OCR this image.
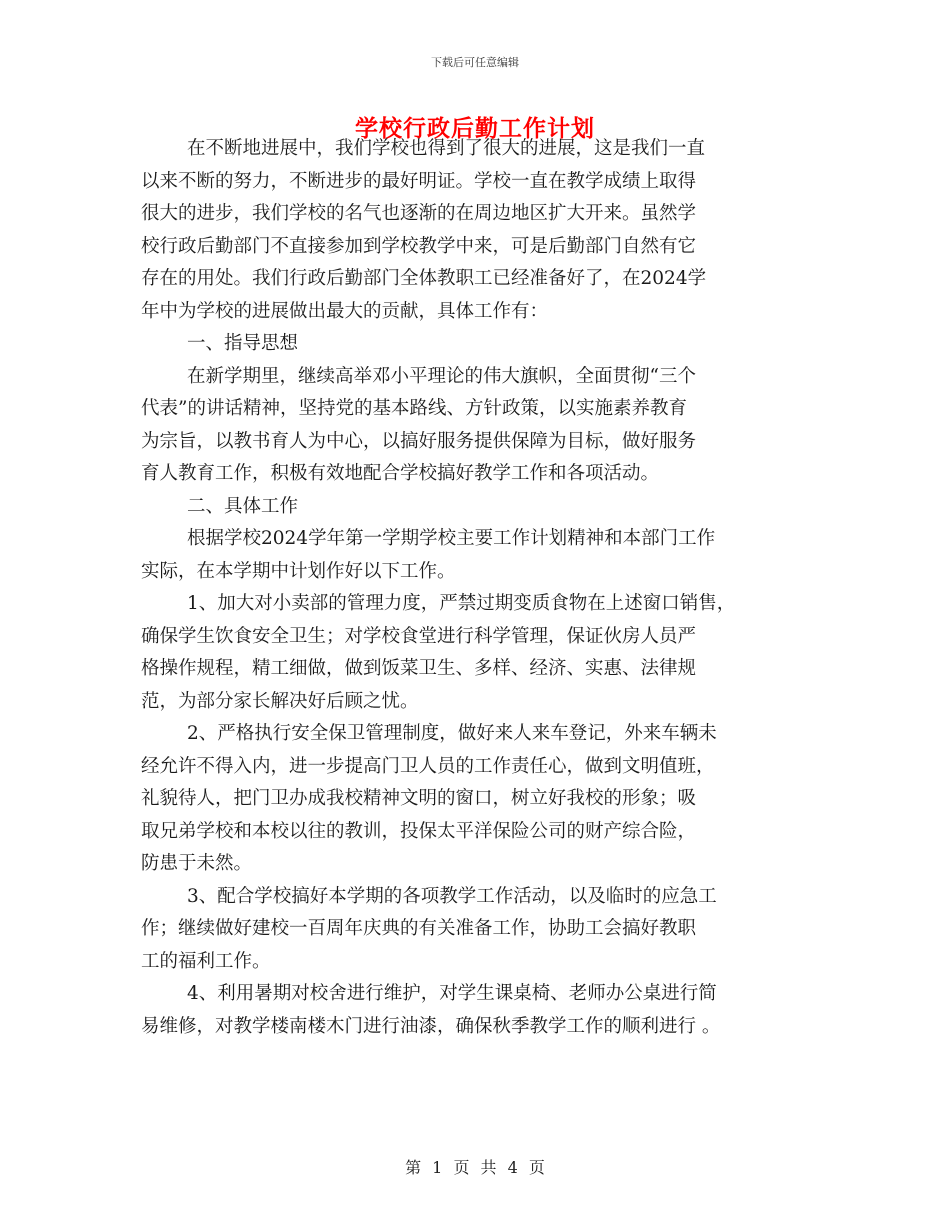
下载后可任意编辑
学校行政后勤工作计划
在不断地进展中，我们学校也得到了很大的进展，这是我们一直
以来不断的努力，不断进步的最好明证。学校一直在教学成绩上取得
很大的进步，我们学校的名气也逐渐的在周边地区扩大开来。虽然学
校行政后勤部门不直接参加到学校教学中来，可是后勤部门自然有它
存在的用处。我们行政后勤部门全体教职工已经准备好了，在2024学
年中为学校的进展做出最大的贡献，具体工作有：
一、指导思想
在新学期里，继续高举邓小平理论的伟大旗帜，全面贯彻“三个
代表”的讲话精神，坚持党的基本路线、方针政策，以实施素养教育
为宗旨，以教书育人为中心，以搞好服务提供保障为目标，做好服务
育人教育工作，积极有效地配合学校搞好教学工作和各项活动。
二、具体工作
根据学校2024学年第一学期学校主要工作计划精神和本部门工作
实际，在本学期中计划作好以下工作。
1、加大对小卖部的管理力度，严禁过期变质食物在上述窗口销售，
确保学生饮食安全卫生；对学校食堂进行科学管理，保证伙房人员严
格操作规程，精工细做，做到饭菜卫生、多样、经济、实惠、法律规
范，为部分家长解决好后顾之忧。
2、严格执行安全保卫管理制度，做好来人来车登记，外来车辆未
经允许不得入内，进一步提高门卫人员的工作责任心，做到文明值班，
礼貌待人，把门卫办成我校精神文明的窗口，树立好我校的形象；吸
取兄弟学校和本校以往的教训，投保太平洋保险公司的财产综合险，
防患于未然。
3、配合学校搞好本学期的各项教学工作活动，以及临时的应急工
作；继续做好建校一百周年庆典的有关准备工作，协助工会搞好教职
工的福利工作。
4、利用暑期对校舍进行维护，对学生课桌椅、老师办公桌进行简
易维修，对教学楼南楼木门进行油漆，确保秋季教学工作的顺利进行 。
第 1 页 共 4 页
